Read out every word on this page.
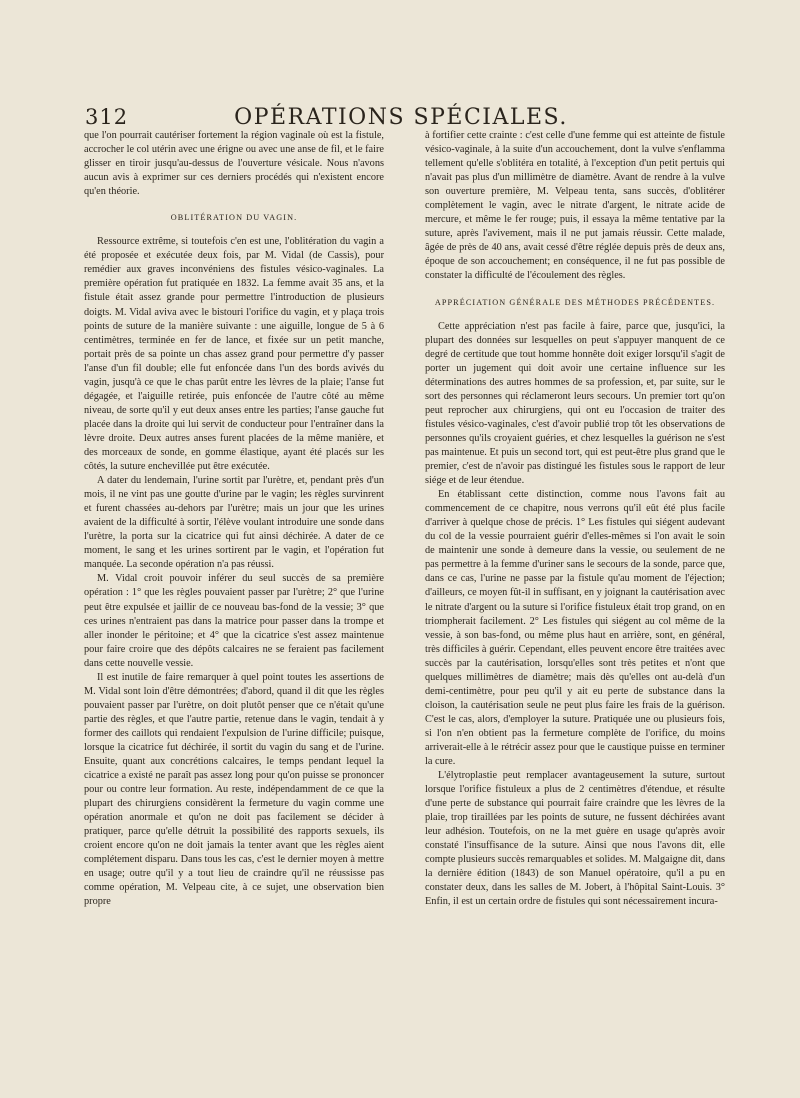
312	OPÉRATIONS SPÉCIALES.

que l'on pourrait cautériser fortement la région vaginale où est la fistule, accrocher le col utérin avec une érigne ou avec une anse de fil, et le faire glisser en tiroir jusqu'au-dessus de l'ouverture vésicale. Nous n'avons aucun avis à exprimer sur ces derniers procédés qui n'existent encore qu'en théorie.

OBLITÉRATION DU VAGIN.

Ressource extrême, si toutefois c'en est une, l'oblitération du vagin a été proposée et exécutée deux fois, par M. Vidal (de Cassis), pour remédier aux graves inconvéniens des fistules vésico-vaginales. La première opération fut pratiquée en 1832. La femme avait 35 ans, et la fistule était assez grande pour permettre l'introduction de plusieurs doigts. M. Vidal aviva avec le bistouri l'orifice du vagin, et y plaça trois points de suture de la manière suivante : une aiguille, longue de 5 à 6 centimètres, terminée en fer de lance, et fixée sur un petit manche, portait près de sa pointe un chas assez grand pour permettre d'y passer l'anse d'un fil double; elle fut enfoncée dans l'un des bords avivés du vagin, jusqu'à ce que le chas parût entre les lèvres de la plaie; l'anse fut dégagée, et l'aiguille retirée, puis enfoncée de l'autre côté au même niveau, de sorte qu'il y eut deux anses entre les parties; l'anse gauche fut placée dans la droite qui lui servit de conducteur pour l'entraîner dans la lèvre droite. Deux autres anses furent placées de la même manière, et des morceaux de sonde, en gomme élastique, ayant été placés sur les côtés, la suture enchevillée put être exécutée.

A dater du lendemain, l'urine sortit par l'urètre, et, pendant près d'un mois, il ne vint pas une goutte d'urine par le vagin; les règles survinrent et furent chassées au-dehors par l'urètre; mais un jour que les urines avaient de la difficulté à sortir, l'élève voulant introduire une sonde dans l'urètre, la porta sur la cicatrice qui fut ainsi déchirée. A dater de ce moment, le sang et les urines sortirent par le vagin, et l'opération fut manquée. La seconde opération n'a pas réussi.

M. Vidal croit pouvoir inférer du seul succès de sa première opération : 1° que les règles pouvaient passer par l'urètre; 2° que l'urine peut être expulsée et jaillir de ce nouveau bas-fond de la vessie; 3° que ces urines n'entraient pas dans la matrice pour passer dans la trompe et aller inonder le péritoine; et 4° que la cicatrice s'est assez maintenue pour faire croire que des dépôts calcaires ne se feraient pas facilement dans cette nouvelle vessie.

Il est inutile de faire remarquer à quel point toutes les assertions de M. Vidal sont loin d'être démontrées; d'abord, quand il dit que les règles pouvaient passer par l'urètre, on doit plutôt penser que ce n'était qu'une partie des règles, et que l'autre partie, retenue dans le vagin, tendait à y former des caillots qui rendaient l'expulsion de l'urine difficile; puisque, lorsque la cicatrice fut déchirée, il sortit du vagin du sang et de l'urine. Ensuite, quant aux concrétions calcaires, le temps pendant lequel la cicatrice a existé ne paraît pas assez long pour qu'on puisse se prononcer pour ou contre leur formation. Au reste, indépendamment de ce que la plupart des chirurgiens considèrent la fermeture du vagin comme une opération anormale et qu'on ne doit pas facilement se décider à pratiquer, parce qu'elle détruit la possibilité des rapports sexuels, ils croient encore qu'on ne doit jamais la tenter avant que les règles aient complétement disparu. Dans tous les cas, c'est le dernier moyen à mettre en usage; outre qu'il y a tout lieu de craindre qu'il ne réussisse pas comme opération, M. Velpeau cite, à ce sujet, une observation bien propre

à fortifier cette crainte : c'est celle d'une femme qui est atteinte de fistule vésico-vaginale, à la suite d'un accouchement, dont la vulve s'enflamma tellement qu'elle s'oblitéra en totalité, à l'exception d'un petit pertuis qui n'avait pas plus d'un millimètre de diamètre. Avant de rendre à la vulve son ouverture première, M. Velpeau tenta, sans succès, d'oblitérer complètement le vagin, avec le nitrate d'argent, le nitrate acide de mercure, et même le fer rouge; puis, il essaya la même tentative par la suture, après l'avivement, mais il ne put jamais réussir. Cette malade, âgée de près de 40 ans, avait cessé d'être réglée depuis près de deux ans, époque de son accouchement; en conséquence, il ne fut pas possible de constater la difficulté de l'écoulement des règles.

APPRÉCIATION GÉNÉRALE DES MÉTHODES PRÉCÉDENTES.

Cette appréciation n'est pas facile à faire, parce que, jusqu'ici, la plupart des données sur lesquelles on peut s'appuyer manquent de ce degré de certitude que tout homme honnête doit exiger lorsqu'il s'agit de porter un jugement qui doit avoir une certaine influence sur les déterminations des autres hommes de sa profession, et, par suite, sur le sort des personnes qui réclameront leurs secours. Un premier tort qu'on peut reprocher aux chirurgiens, qui ont eu l'occasion de traiter des fistules vésico-vaginales, c'est d'avoir publié trop tôt les observations de personnes qu'ils croyaient guéries, et chez lesquelles la guérison ne s'est pas maintenue. Et puis un second tort, qui est peut-être plus grand que le premier, c'est de n'avoir pas distingué les fistules sous le rapport de leur siége et de leur étendue.

En établissant cette distinction, comme nous l'avons fait au commencement de ce chapitre, nous verrons qu'il eût été plus facile d'arriver à quelque chose de précis. 1° Les fistules qui siégent audevant du col de la vessie pourraient guérir d'elles-mêmes si l'on avait le soin de maintenir une sonde à demeure dans la vessie, ou seulement de ne pas permettre à la femme d'uriner sans le secours de la sonde, parce que, dans ce cas, l'urine ne passe par la fistule qu'au moment de l'éjection; d'ailleurs, ce moyen fût-il in suffisant, en y joignant la cautérisation avec le nitrate d'argent ou la suture si l'orifice fistuleux était trop grand, on en triompherait facilement. 2° Les fistules qui siégent au col même de la vessie, à son bas-fond, ou même plus haut en arrière, sont, en général, très difficiles à guérir. Cependant, elles peuvent encore être traitées avec succès par la cautérisation, lorsqu'elles sont très petites et n'ont que quelques millimètres de diamètre; mais dès qu'elles ont au-delà d'un demi-centimètre, pour peu qu'il y ait eu perte de substance dans la cloison, la cautérisation seule ne peut plus faire les frais de la guérison. C'est le cas, alors, d'employer la suture. Pratiquée une ou plusieurs fois, si l'on n'en obtient pas la fermeture complète de l'orifice, du moins arriverait-elle à le rétrécir assez pour que le caustique puisse en terminer la cure.

L'élytroplastie peut remplacer avantageusement la suture, surtout lorsque l'orifice fistuleux a plus de 2 centimètres d'étendue, et résulte d'une perte de substance qui pourrait faire craindre que les lèvres de la plaie, trop tiraillées par les points de suture, ne fussent déchirées avant leur adhésion. Toutefois, on ne la met guère en usage qu'après avoir constaté l'insuffisance de la suture. Ainsi que nous l'avons dit, elle compte plusieurs succès remarquables et solides. M. Malgaigne dit, dans la dernière édition (1843) de son Manuel opératoire, qu'il a pu en constater deux, dans les salles de M. Jobert, à l'hôpital Saint-Louis. 3° Enfin, il est un certain ordre de fistules qui sont nécessairement incura-
